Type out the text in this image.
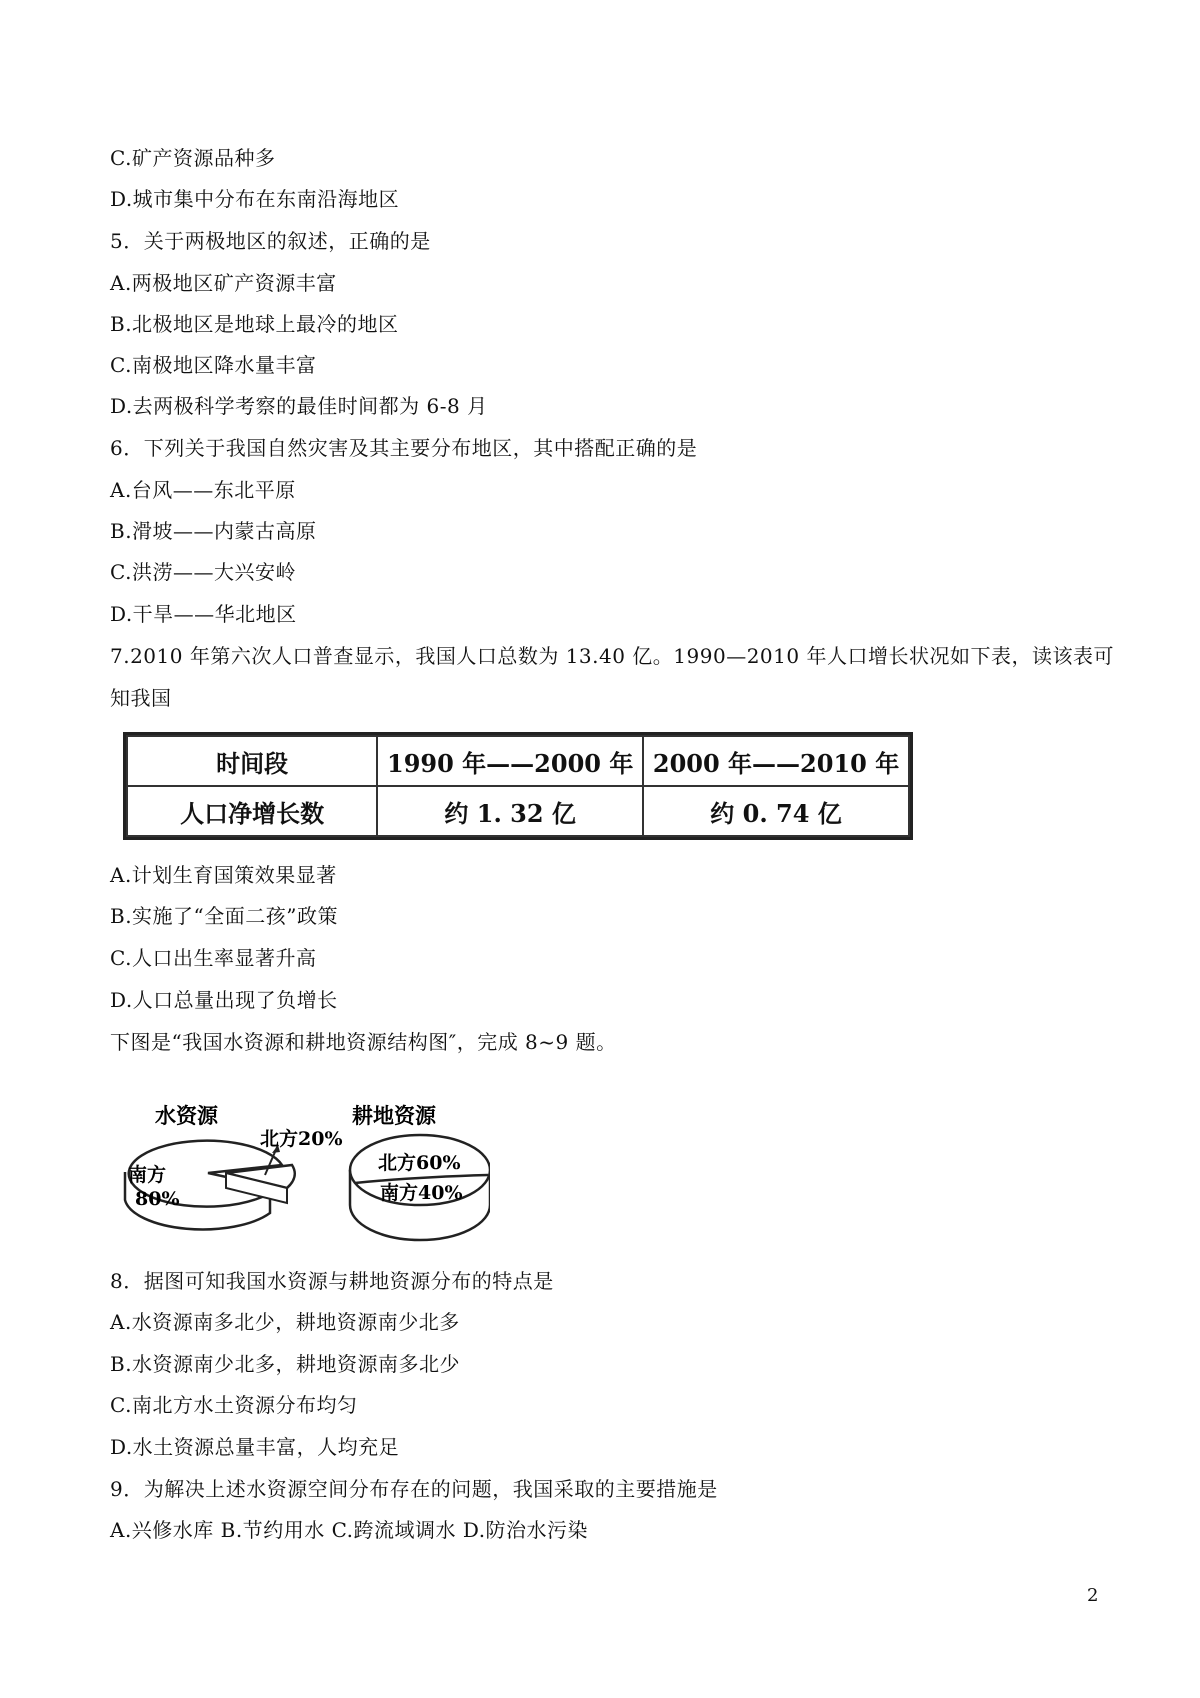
C.矿产资源品种多
D.城市集中分布在东南沿海地区
5．关于两极地区的叙述，正确的是
A.两极地区矿产资源丰富
B.北极地区是地球上最冷的地区
C.南极地区降水量丰富
D.去两极科学考察的最佳时间都为 6-8 月
6．下列关于我国自然灾害及其主要分布地区，其中搭配正确的是
A.台风——东北平原
B.滑坡——内蒙古高原
C.洪涝——大兴安岭
D.干旱——华北地区
7.2010 年第六次人口普查显示，我国人口总数为 13.40 亿。1990—2010 年人口增长状况如下表，读该表可
知我国
时间段	1990 年——2000 年	2000 年——2010 年
人口净增长数	约 1. 32 亿	约 0. 74 亿
A.计划生育国策效果显著
B.实施了“全面二孩”政策
C.人口出生率显著升高
D.人口总量出现了负增长
下图是“我国水资源和耕地资源结构图″，完成 8~9 题。
水资源
南方
80%
北方20%
耕地资源
北方60%
南方40%
8．据图可知我国水资源与耕地资源分布的特点是
A.水资源南多北少，耕地资源南少北多
B.水资源南少北多，耕地资源南多北少
C.南北方水土资源分布均匀
D.水土资源总量丰富，人均充足
9．为解决上述水资源空间分布存在的问题，我国采取的主要措施是
A.兴修水库 B.节约用水 C.跨流域调水 D.防治水污染
2
